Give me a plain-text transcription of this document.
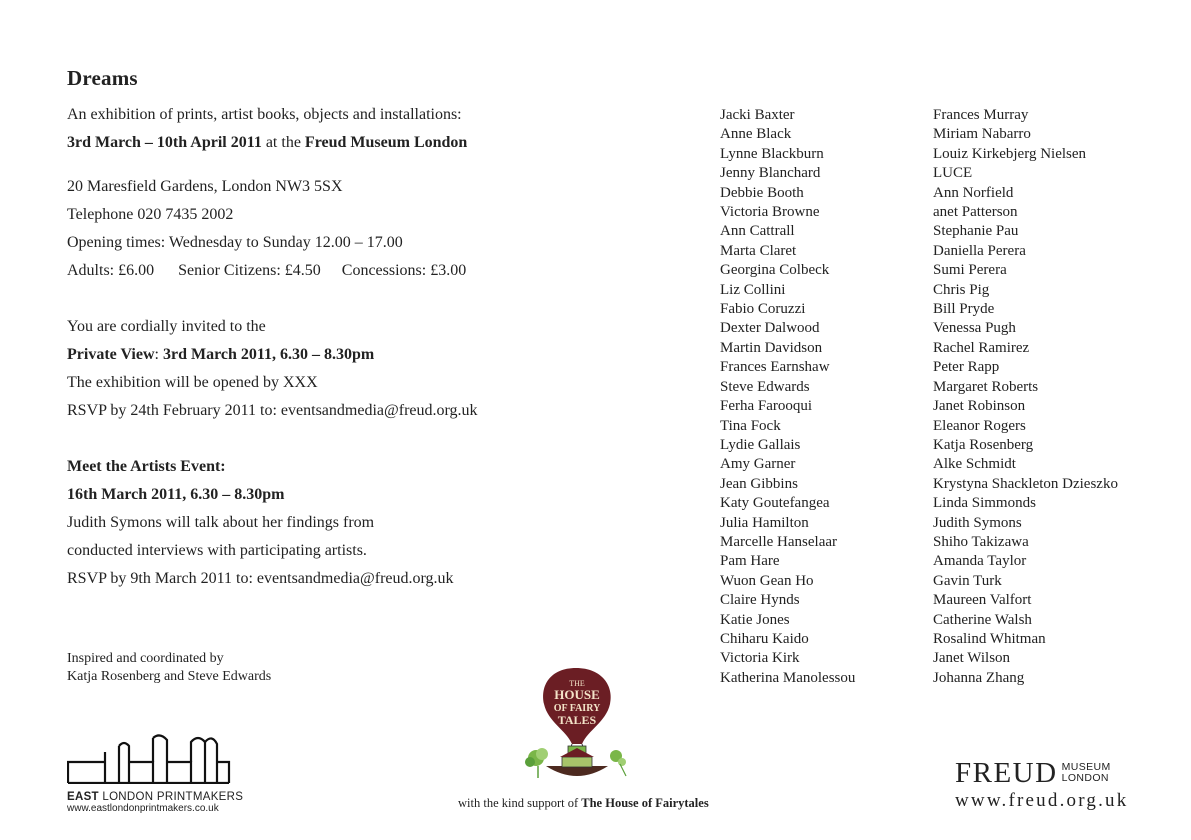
Dreams
An exhibition of prints, artist books, objects and installations:
3rd March – 10th April 2011 at the Freud Museum London
20 Maresfield Gardens, London NW3 5SX
Telephone 020 7435 2002
Opening times: Wednesday to Sunday 12.00 – 17.00
Adults: £6.00 Senior Citizens: £4.50 Concessions: £3.00
You are cordially invited to the
Private View: 3rd March 2011, 6.30 – 8.30pm
The exhibition will be opened by XXX
RSVP by 24th February 2011 to: eventsandmedia@freud.org.uk
Meet the Artists Event:
16th March 2011, 6.30 – 8.30pm
Judith Symons will talk about her findings from
conducted interviews with participating artists.
RSVP by 9th March 2011 to: eventsandmedia@freud.org.uk
Inspired and coordinated by
Katja Rosenberg and Steve Edwards
Jacki Baxter
Anne Black
Lynne Blackburn
Jenny Blanchard
Debbie Booth
Victoria Browne
Ann Cattrall
Marta Claret
Georgina Colbeck
Liz Collini
Fabio Coruzzi
Dexter Dalwood
Martin Davidson
Frances Earnshaw
Steve Edwards
Ferha Farooqui
Tina Fock
Lydie Gallais
Amy Garner
Jean Gibbins
Katy Goutefangea
Julia Hamilton
Marcelle Hanselaar
Pam Hare
Wuon Gean Ho
Claire Hynds
Katie Jones
Chiharu Kaido
Victoria Kirk
Katherina Manolessou
Frances Murray
Miriam Nabarro
Louiz Kirkebjerg Nielsen
LUCE
Ann Norfield
anet Patterson
Stephanie Pau
Daniella Perera
Sumi Perera
Chris Pig
Bill Pryde
Venessa Pugh
Rachel Ramirez
Peter Rapp
Margaret Roberts
Janet Robinson
Eleanor Rogers
Katja Rosenberg
Alke Schmidt
Krystyna Shackleton Dzieszko
Linda Simmonds
Judith Symons
Shiho Takizawa
Amanda Taylor
Gavin Turk
Maureen Valfort
Catherine Walsh
Rosalind Whitman
Janet Wilson
Johanna Zhang
EAST LONDON PRINTMAKERS
www.eastlondonprintmakers.co.uk
THE
HOUSE
OF FAIRY
TALES
with the kind support of The House of Fairytales
FREUD MUSEUM
LONDON
www.freud.org.uk
